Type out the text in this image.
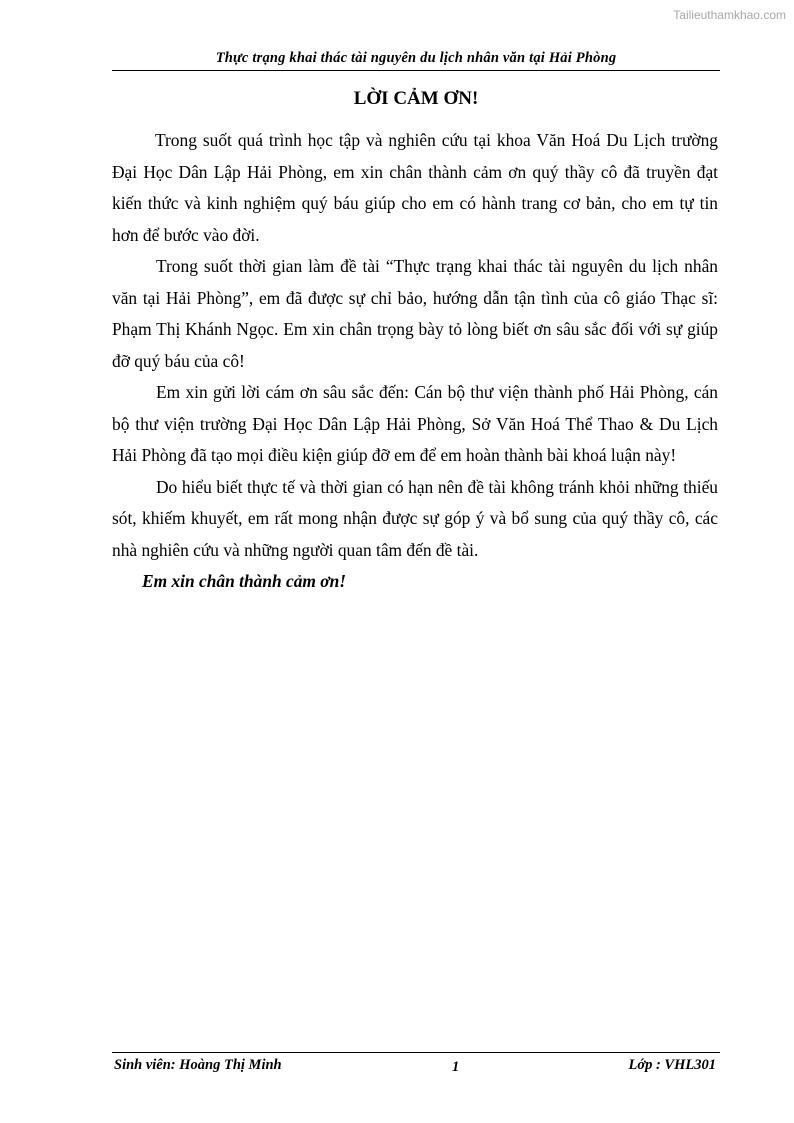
Tailieuthamkhao.com
Thực trạng khai thác tài nguyên du lịch nhân văn tại Hải Phòng
LỜI CẢM ƠN!

Trong suốt quá trình học tập và nghiên cứu tại khoa Văn Hoá Du Lịch trường Đại Học Dân Lập Hải Phòng, em xin chân thành cảm ơn quý thầy cô đã truyền đạt kiến thức và kinh nghiệm quý báu giúp cho em có hành trang cơ bản, cho em tự tin hơn để bước vào đời.

Trong suốt thời gian làm đề tài “Thực trạng khai thác tài nguyên du lịch nhân văn tại Hải Phòng”, em đã được sự chỉ bảo, hướng dẫn tận tình của cô giáo Thạc sĩ: Phạm Thị Khánh Ngọc. Em xin chân trọng bày tỏ lòng biết ơn sâu sắc đối với sự giúp đỡ quý báu của cô!

Em xin gửi lời cám ơn sâu sắc đến: Cán bộ thư viện thành phố Hải Phòng, cán bộ thư viện trường Đại Học Dân Lập Hải Phòng, Sở Văn Hoá Thể Thao & Du Lịch Hải Phòng đã tạo mọi điều kiện giúp đỡ em để em hoàn thành bài khoá luận này!

Do hiểu biết thực tế và thời gian có hạn nên đề tài không tránh khỏi những thiếu sót, khiếm khuyết, em rất mong nhận được sự góp ý và bổ sung của quý thầy cô, các nhà nghiên cứu và những người quan tâm đến đề tài.

Em xin chân thành cảm ơn!

Sinh viên: Hoàng Thị Minh	1	Lớp : VHL301
